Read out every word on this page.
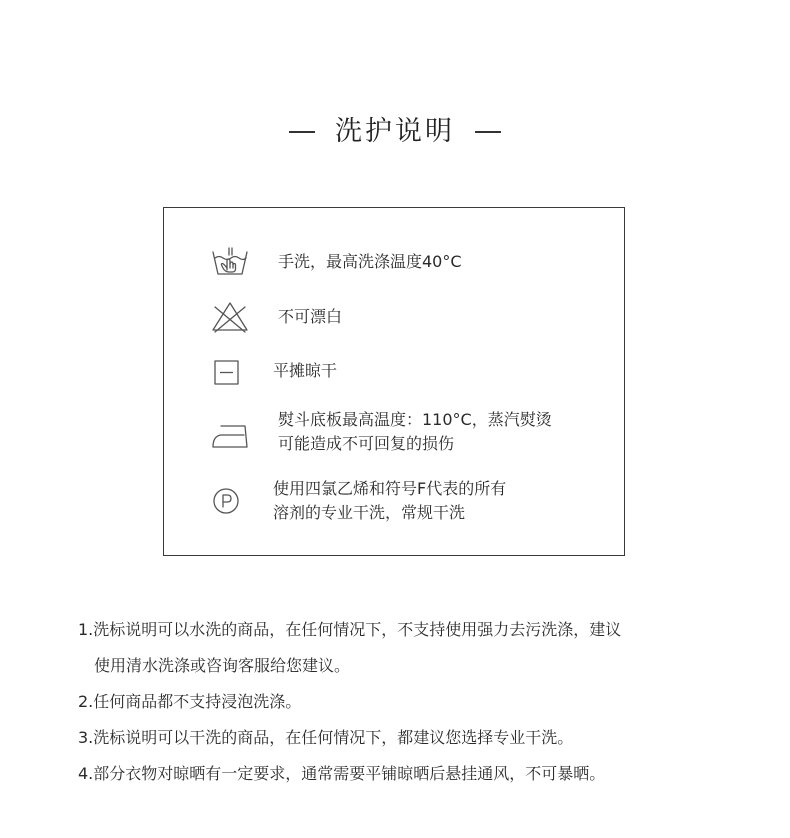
洗护说明
手洗，最高洗涤温度40°C
不可漂白
平摊晾干
熨斗底板最高温度：110°C，蒸汽熨烫
可能造成不可回复的损伤
使用四氯乙烯和符号F代表的所有
溶剂的专业干洗，常规干洗
1.洗标说明可以水洗的商品，在任何情况下，不支持使用强力去污洗涤，建议
使用清水洗涤或咨询客服给您建议。
2.任何商品都不支持浸泡洗涤。
3.洗标说明可以干洗的商品，在任何情况下，都建议您选择专业干洗。
4.部分衣物对晾晒有一定要求，通常需要平铺晾晒后悬挂通风，不可暴晒。
